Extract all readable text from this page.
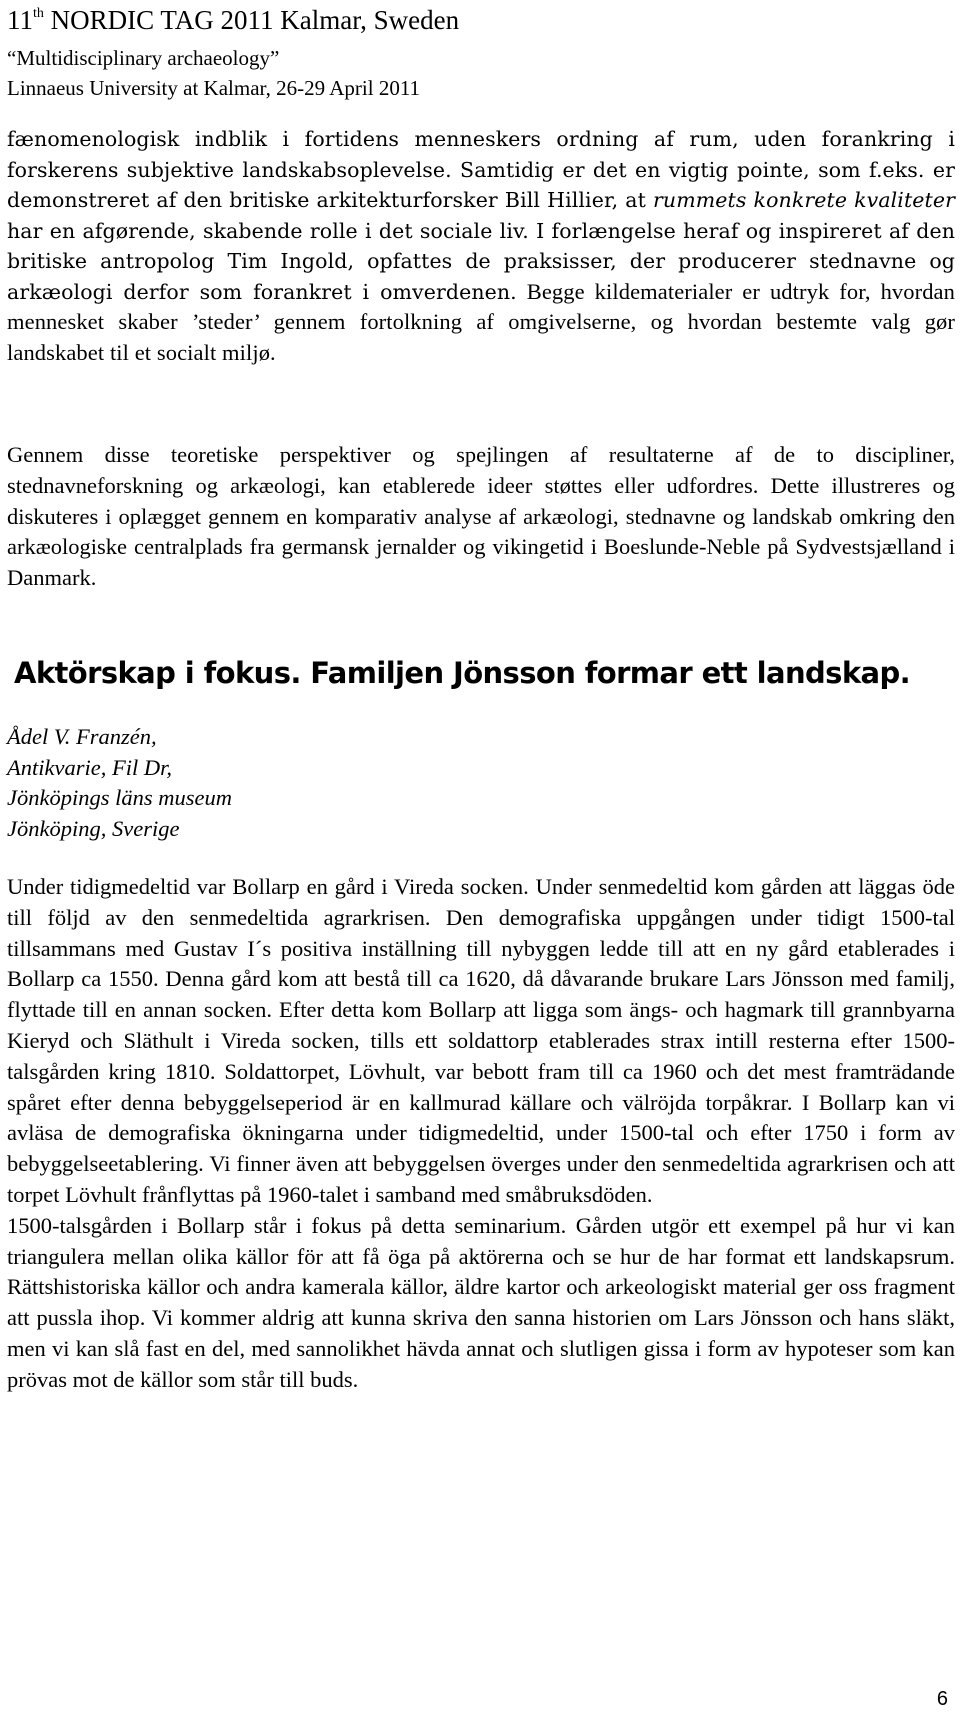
11th NORDIC TAG 2011 Kalmar, Sweden
“Multidisciplinary archaeology”
Linnaeus University at Kalmar, 26-29 April 2011

fænomenologisk indblik i fortidens menneskers ordning af rum, uden forankring i forskerens subjektive landskabsoplevelse. Samtidig er det en vigtig pointe, som f.eks. er demonstreret af den britiske arkitekturforsker Bill Hillier, at rummets konkrete kvaliteter har en afgørende, skabende rolle i det sociale liv. I forlængelse heraf og inspireret af den britiske antropolog Tim Ingold, opfattes de praksisser, der producerer stednavne og arkæologi derfor som forankret i omverdenen. Begge kildematerialer er udtryk for, hvordan mennesket skaber ’steder’ gennem fortolkning af omgivelserne, og hvordan bestemte valg gør landskabet til et socialt miljø.

Gennem disse teoretiske perspektiver og spejlingen af resultaterne af de to discipliner, stednavneforskning og arkæologi, kan etablerede ideer støttes eller udfordres. Dette illustreres og diskuteres i oplægget gennem en komparativ analyse af arkæologi, stednavne og landskab omkring den arkæologiske centralplads fra germansk jernalder og vikingetid i Boeslunde-Neble på Sydvestsjælland i Danmark.

Aktörskap i fokus. Familjen Jönsson formar ett landskap.
Ådel V. Franzén,
Antikvarie, Fil Dr,
Jönköpings läns museum
Jönköping, Sverige

Under tidigmedeltid var Bollarp en gård i Vireda socken. Under senmedeltid kom gården att läggas öde till följd av den senmedeltida agrarkrisen. Den demografiska uppgången under tidigt 1500-tal tillsammans med Gustav I´s positiva inställning till nybyggen ledde till att en ny gård etablerades i Bollarp ca 1550. Denna gård kom att bestå till ca 1620, då dåvarande brukare Lars Jönsson med familj, flyttade till en annan socken. Efter detta kom Bollarp att ligga som ängs- och hagmark till grannbyarna Kieryd och Släthult i Vireda socken, tills ett soldattorp etablerades strax intill resterna efter 1500-talsgården kring 1810. Soldattorpet, Lövhult, var bebott fram till ca 1960 och det mest framträdande spåret efter denna bebyggelseperiod är en kallmurad källare och välröjda torpåkrar. I Bollarp kan vi avläsa de demografiska ökningarna under tidigmedeltid, under 1500-tal och efter 1750 i form av bebyggelseetablering. Vi finner även att bebyggelsen överges under den senmedeltida agrarkrisen och att torpet Lövhult frånflyttas på 1960-talet i samband med småbruksdöden.

1500-talsgården i Bollarp står i fokus på detta seminarium. Gården utgör ett exempel på hur vi kan triangulera mellan olika källor för att få öga på aktörerna och se hur de har format ett landskapsrum. Rättshistoriska källor och andra kamerala källor, äldre kartor och arkeologiskt material ger oss fragment att pussla ihop. Vi kommer aldrig att kunna skriva den sanna historien om Lars Jönsson och hans släkt, men vi kan slå fast en del, med sannolikhet hävda annat och slutligen gissa i form av hypoteser som kan prövas mot de källor som står till buds.

6
